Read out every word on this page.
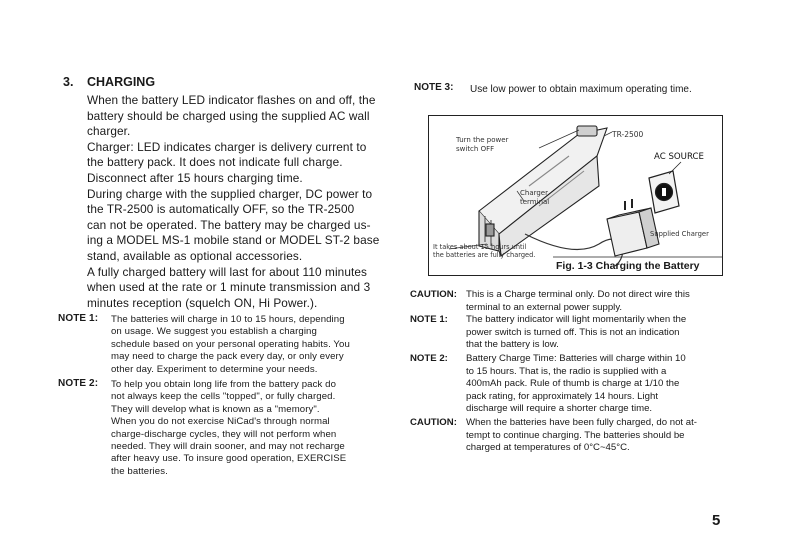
3. CHARGING

When the battery LED indicator flashes on and off, the

battery should be charged using the supplied AC wall

charger.

Charger: LED indicates charger is delivery current to

the battery pack. It does not indicate full charge.

Disconnect after 15 hours charging time.

During charge with the supplied charger, DC power to

the TR-2500 is automatically OFF, so the TR-2500

can not be operated. The battery may be charged us-

ing a MODEL MS-1 mobile stand or MODEL ST-2 base

stand, available as optional accessories.

A fully charged battery will last for about 110 minutes

when used at the rate or 1 minute transmission and 3

minutes reception (squelch ON, Hi Power.).

NOTE 1: The batteries will charge in 10 to 15 hours, depending

on usage. We suggest you establish a charging

schedule based on your personal operating habits. You

may need to charge the pack every day, or only every

other day. Experiment to determine your needs.

NOTE 2: To help you obtain long life from the battery pack do

not always keep the cells "topped", or fully charged.

They will develop what is known as a "memory".

When you do not exercise NiCad's through normal

charge-discharge cycles, they will not perform when

needed. They will drain sooner, and may not recharge

after heavy use. To insure good operation, EXERCISE

the batteries.

NOTE 3: Use low power to obtain maximum operating time.
Turn the power
switch OFF
TR-2500
AC SOURCE
Charger
terminal
Supplied Charger
It takes about 15 hours until
the batteries are fully charged.
Fig. 1-3 Charging the Battery
CAUTION: This is a Charge terminal only. Do not direct wire this

terminal to an external power supply.

NOTE 1: The battery indicator will light momentarily when the

power switch is turned off. This is not an indication

that the battery is low.

NOTE 2: Battery Charge Time: Batteries will charge within 10

to 15 hours. That is, the radio is supplied with a

400mAh pack. Rule of thumb is charge at 1/10 the

pack rating, for approximately 14 hours. Light

discharge will require a shorter charge time.

CAUTION: When the batteries have been fully charged, do not at-

tempt to continue charging. The batteries should be

charged at temperatures of 0°C~45°C.

5
